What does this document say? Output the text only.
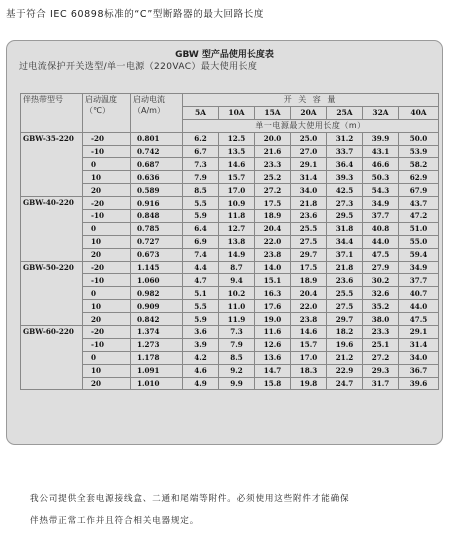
基于符合 IEC 60898标准的“C”型断路器的最大回路长度
GBW 型产品使用长度表
过电流保护开关选型/单一电源（220VAC）最大使用长度
伴热带型号	启动温度（℃）	启动电流（A/m）	开 关 容 量						
			5A	10A	15A	20A	25A	32A	40A
			单一电源最大使用长度（m）						
GBW-35-220	-20	0.801	6.2	12.5	20.0	25.0	31.2	39.9	50.0
	-10	0.742	6.7	13.5	21.6	27.0	33.7	43.1	53.9
	0	0.687	7.3	14.6	23.3	29.1	36.4	46.6	58.2
	10	0.636	7.9	15.7	25.2	31.4	39.3	50.3	62.9
	20	0.589	8.5	17.0	27.2	34.0	42.5	54.3	67.9
GBW-40-220	-20	0.916	5.5	10.9	17.5	21.8	27.3	34.9	43.7
	-10	0.848	5.9	11.8	18.9	23.6	29.5	37.7	47.2
	0	0.785	6.4	12.7	20.4	25.5	31.8	40.8	51.0
	10	0.727	6.9	13.8	22.0	27.5	34.4	44.0	55.0
	20	0.673	7.4	14.9	23.8	29.7	37.1	47.5	59.4
GBW-50-220	-20	1.145	4.4	8.7	14.0	17.5	21.8	27.9	34.9
	-10	1.060	4.7	9.4	15.1	18.9	23.6	30.2	37.7
	0	0.982	5.1	10.2	16.3	20.4	25.5	32.6	40.7
	10	0.909	5.5	11.0	17.6	22.0	27.5	35.2	44.0
	20	0.842	5.9	11.9	19.0	23.8	29.7	38.0	47.5
GBW-60-220	-20	1.374	3.6	7.3	11.6	14.6	18.2	23.3	29.1
	-10	1.273	3.9	7.9	12.6	15.7	19.6	25.1	31.4
	0	1.178	4.2	8.5	13.6	17.0	21.2	27.2	34.0
	10	1.091	4.6	9.2	14.7	18.3	22.9	29.3	36.7
	20	1.010	4.9	9.9	15.8	19.8	24.7	31.7	39.6
我公司提供全套电源接线盒、二通和尾端等附件。必须使用这些附件才能确保
伴热带正常工作并且符合相关电器规定。
